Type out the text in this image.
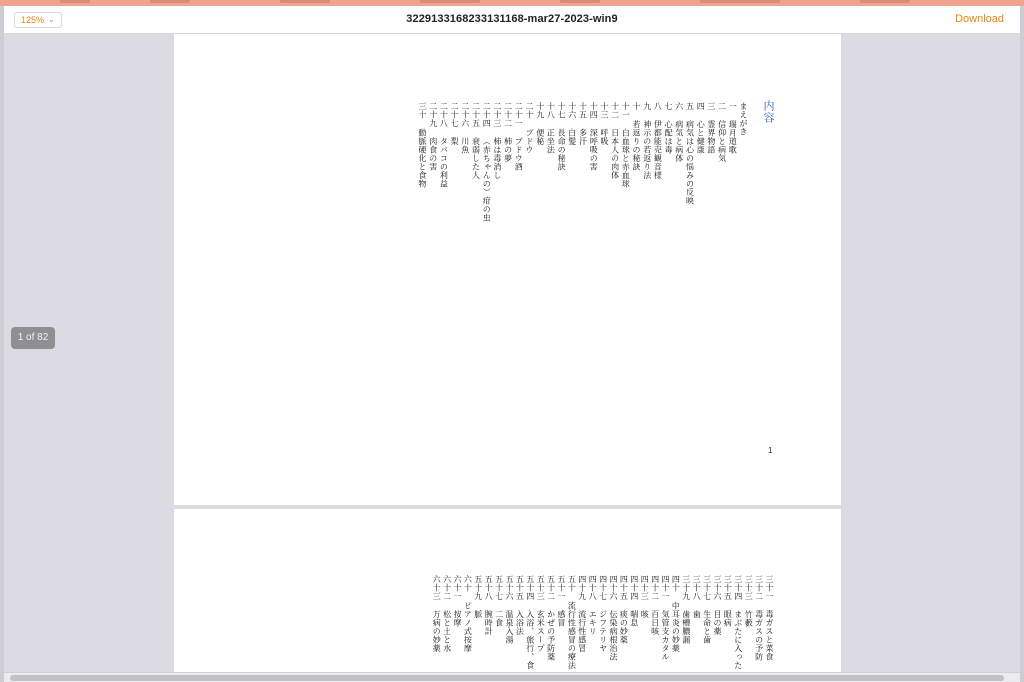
125% ⌄	3229133168233131168-mar27-2023-win9	Download
内容
まえがき
一 瑞月道歌
二 信仰と病気
三 霊界物語
四 心と健康
五 病気は心の悩みの反映
六 病気と病体
七 心配は毒
八 伊都能売観音様
九 神示の若返り法
十 若返りの秘訣
十一 白血球と赤血球
十二 日本人の肉体
十三 呼吸
十四 深呼吸の害
十五 多汗
十六 白髪
十七 長命の秘訣
十八 正坐法
十九 便秘
二十 ブドウ
二十一 ブドウ酒
二十二 柿の夢
二十三 柿は毒消し
二十四 （赤ちゃんの）疳の虫
二十五 衰弱した人
二十六 川魚
二十七 梨
二十八 タバコの利益
二十九 肉食の害
三十 動脈硬化と食物
1
三十一 毒ガスと菜食
三十二 毒ガスの予防
三十三 竹藪
三十四 まぶたに入った
三十五 眼病
三十六 目の薬
三十七 生命と歯
三十八 歯
三十九 歯槽膿漏
四十 中耳炎の妙薬
四十一 気管支カタル
四十二 百日咳
四十三 咳
四十四 喘息
四十五 痰の妙薬
四十六 伝染病根治法
四十七 ジフテリヤ
四十八 エキリ
四十九 流行性感冒
五十 流行性感冒の療法
五十一 感冒
五十二 かぜの予防薬
五十三 玄米スープ
五十四 入浴、旅行、食
五十五 入浴法
五十六 温泉入湯
五十七 二食
五十八 腕時計
五十九 脈
六十 ピアノ式按摩
六十一 按摩
六十二 松と土と水
六十三 万病の妙薬
1 of 82
